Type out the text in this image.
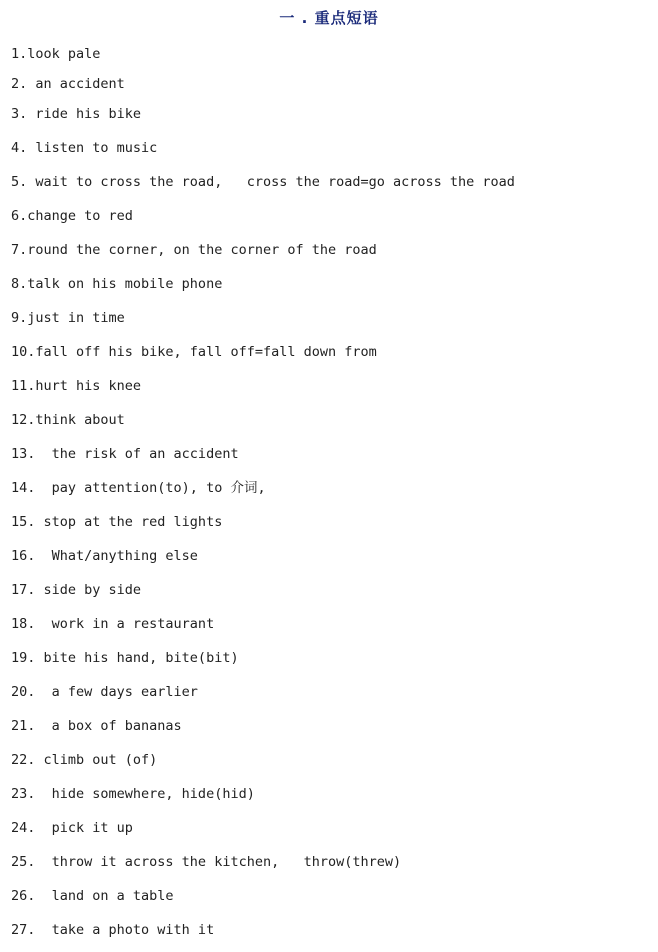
一 . 重点短语
1.look pale
2. an accident
3. ride his bike
4. listen to music
5. wait to cross the road,   cross the road=go across the road
6.change to red
7.round the corner, on the corner of the road
8.talk on his mobile phone
9.just in time
10.fall off his bike, fall off=fall down from
11.hurt his knee
12.think about
13.  the risk of an accident
14.  pay attention(to), to 介词,
15. stop at the red lights
16.  What/anything else
17. side by side
18.  work in a restaurant
19. bite his hand, bite(bit)
20.  a few days earlier
21.  a box of bananas
22. climb out (of)
23.  hide somewhere, hide(hid)
24.  pick it up
25.  throw it across the kitchen,   throw(threw)
26.  land on a table
27.  take a photo with it
